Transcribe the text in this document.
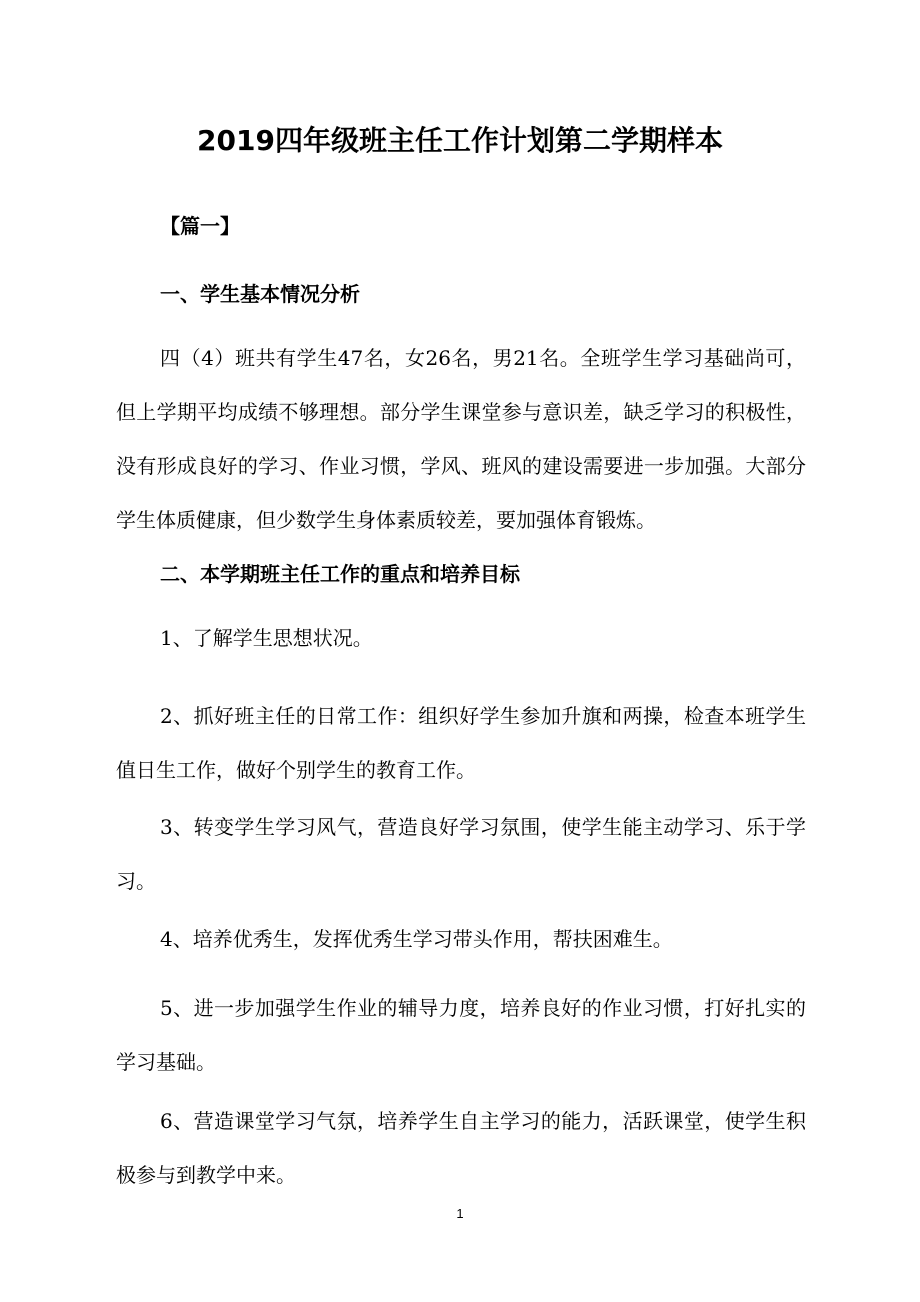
2019四年级班主任工作计划第二学期样本
【篇一】
一、学生基本情况分析

四（4）班共有学生47名，女26名，男21名。全班学生学习基础尚可，但上学期平均成绩不够理想。部分学生课堂参与意识差，缺乏学习的积极性，没有形成良好的学习、作业习惯，学风、班风的建设需要进一步加强。大部分学生体质健康，但少数学生身体素质较差，要加强体育锻炼。

二、本学期班主任工作的重点和培养目标

1、了解学生思想状况。

2、抓好班主任的日常工作：组织好学生参加升旗和两操，检查本班学生值日生工作，做好个别学生的教育工作。

3、转变学生学习风气，营造良好学习氛围，使学生能主动学习、乐于学习。

4、培养优秀生，发挥优秀生学习带头作用，帮扶困难生。

5、进一步加强学生作业的辅导力度，培养良好的作业习惯，打好扎实的学习基础。

6、营造课堂学习气氛，培养学生自主学习的能力，活跃课堂，使学生积极参与到教学中来。

1
